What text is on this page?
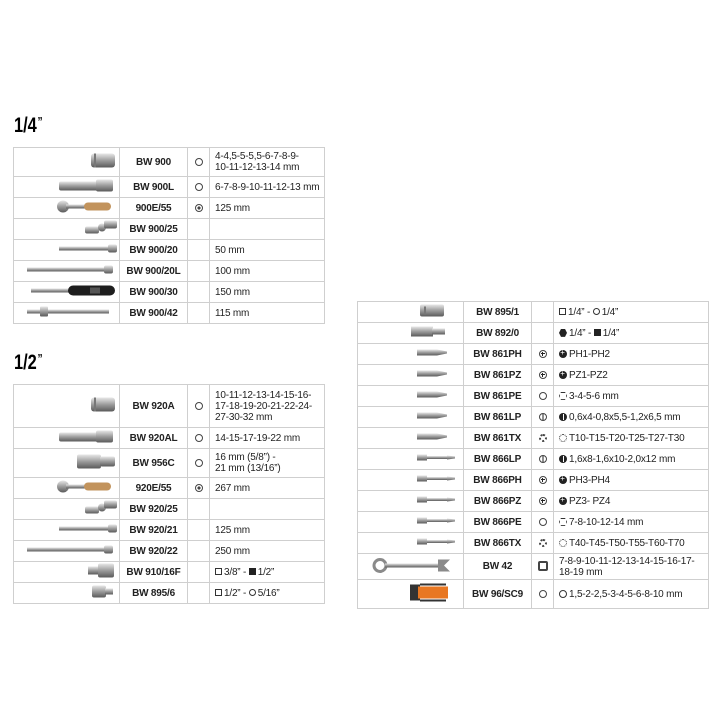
1/4”
	BW 900		4-4,5-5-5,5-6-7-8-9-
10-11-12-13-14 mm

	BW 900L		6-7-8-9-10-11-12-13 mm

	900E/55		125 mm

	BW 900/25		

	BW 900/20		50 mm

	BW 900/20L		100 mm

	BW 900/30		150 mm

	BW 900/42		115 mm
1/2”
	BW 920A		10-11-12-13-14-15-16-
17-18-19-20-21-22-24-
27-30-32 mm

	BW 920AL		14-15-17-19-22 mm

	BW 956C		16 mm (5/8”) -
21 mm (13/16”)

	920E/55		267 mm

	BW 920/25		

	BW 920/21		125 mm

	BW 920/22		250 mm

	BW 910/16F		3/8” - 1/2”

	BW 895/6		1/2” - 5/16”
	BW 895/1		1/4” - 1/4”

	BW 892/0		1/4” - 1/4”

	BW 861PH		+PH1-PH2

	BW 861PZ		+PZ1-PZ2

	BW 861PE		3-4-5-6 mm

	BW 861LP		0,6x4-0,8x5,5-1,2x6,5 mm

	BW 861TX		T10-T15-T20-T25-T27-T30

	BW 866LP		1,6x8-1,6x10-2,0x12 mm

	BW 866PH		+PH3-PH4

	BW 866PZ		+PZ3- PZ4

	BW 866PE		7-8-10-12-14 mm

	BW 866TX		T40-T45-T50-T55-T60-T70

	BW 42		7-8-9-10-11-12-13-14-15-16-17-
18-19 mm

	BW 96/SC9		1,5-2-2,5-3-4-5-6-8-10 mm
